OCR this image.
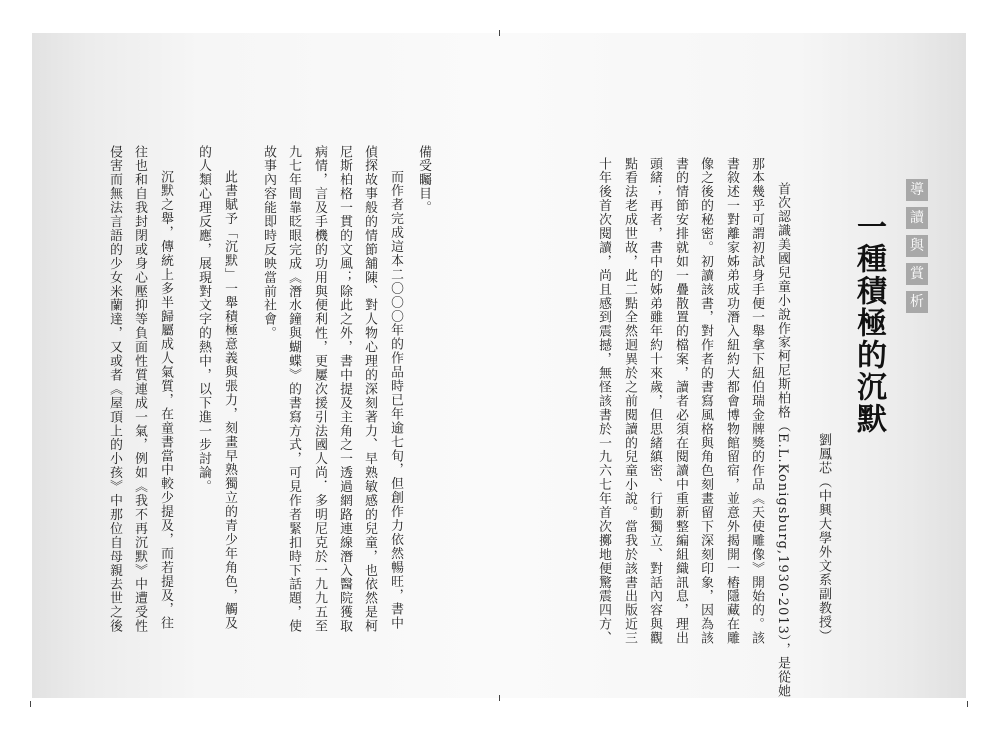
導
讀
與
賞
析
一種積極的沉默
劉鳳芯（中興大學外文系副教授）
首次認識美國兒童小說作家柯尼斯柏格（E.L.Konigsburg,1930-2013），是從她
那本幾乎可謂初試身手便一舉拿下紐伯瑞金牌獎的作品《天使雕像》開始的。該
書敘述一對離家姊弟成功潛入紐約大都會博物館留宿，並意外揭開一樁隱藏在雕
像之後的秘密。初讀該書，對作者的書寫風格與角色刻畫留下深刻印象，因為該
書的情節安排就如一疊散置的檔案，讀者必須在閱讀中重新整編組織訊息，理出
頭緒；再者，書中的姊弟雖年約十來歲，但思緒縝密、行動獨立、對話內容與觀
點看法老成世故，此二點全然迥異於之前閱讀的兒童小說。當我於該書出版近三
十年後首次閱讀，尚且感到震撼，無怪該書於一九六七年首次擲地便驚震四方、
備受矚目。
而作者完成這本二〇〇〇年的作品時已年逾七旬，但創作力依然暢旺，書中
偵探故事般的情節舖陳、對人物心理的深刻著力、早熟敏感的兒童，也依然是柯
尼斯柏格一貫的文風；除此之外，書中提及主角之一透過網路連線潛入醫院獲取
病情，言及手機的功用與便利性，更屢次援引法國人尚．多明尼克於一九九五至
九七年間靠眨眼完成《潛水鐘與蝴蝶》的書寫方式，可見作者緊扣時下話題，使
故事內容能即時反映當前社會。
此書賦予「沉默」一舉積極意義與張力，刻畫早熟獨立的青少年角色，觸及
的人類心理反應，展現對文字的熱中，以下進一步討論。
沉默之舉，傳統上多半歸屬成人氣質，在童書當中較少提及，而若提及，往
往也和自我封閉或身心壓抑等負面性質連成一氣，例如《我不再沉默》中遭受性
侵害而無法言語的少女米蘭達，又或者《屋頂上的小孩》中那位自母親去世之後
